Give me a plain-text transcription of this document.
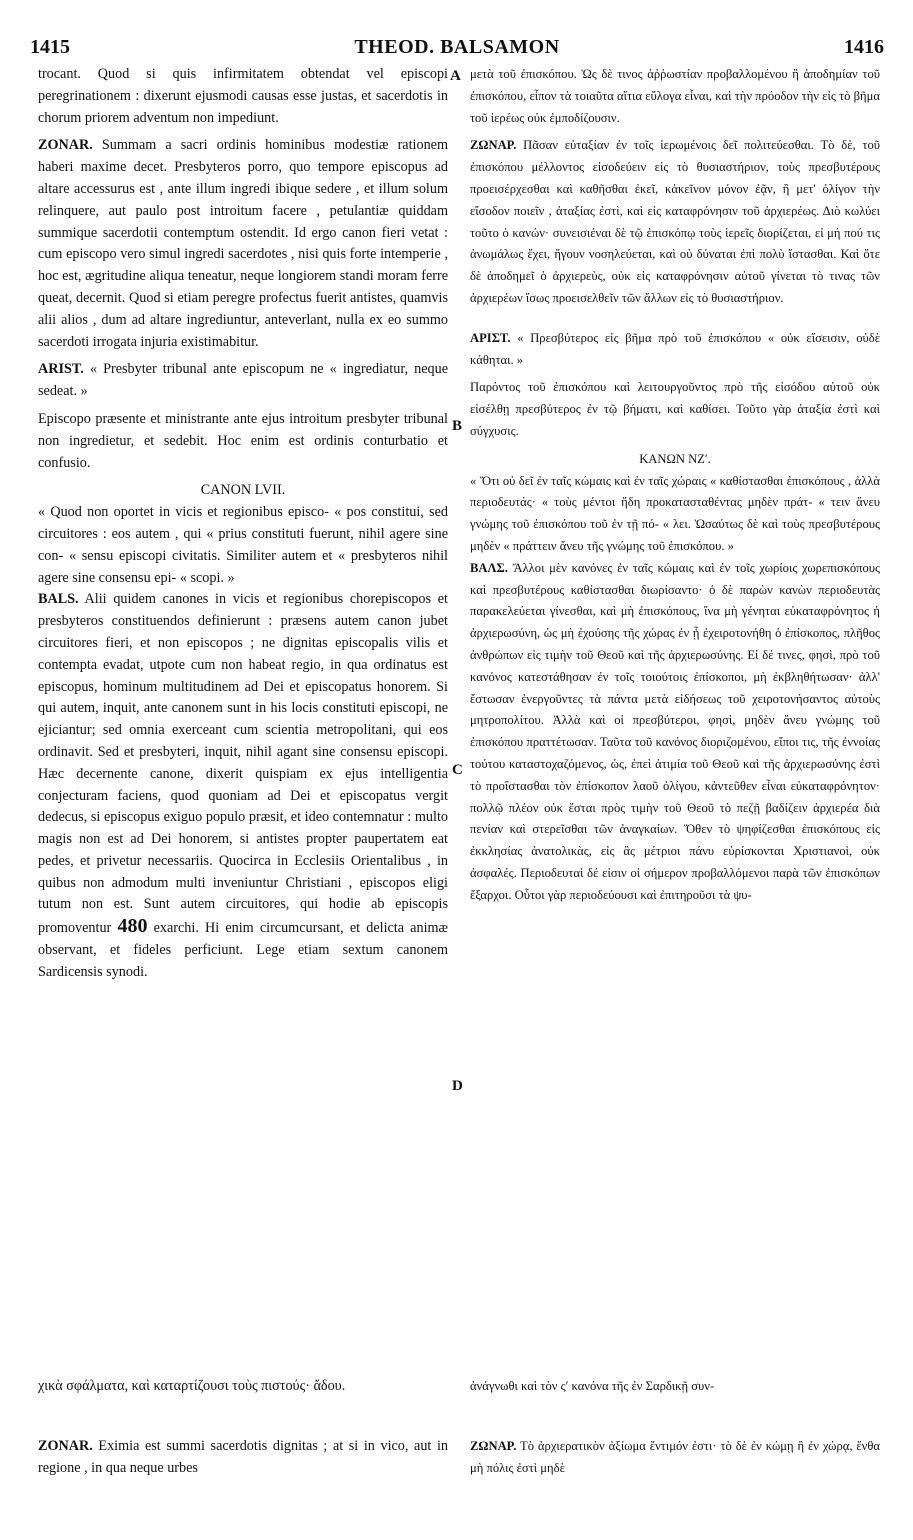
1415	THEOD. BALSAMON	1416
A
B
C
D

trocant. Quod si quis infirmitatem obtendat vel episcopi peregrinationem : dixerunt ejusmodi causas esse justas, et sacerdotis in chorum priorem adventum non impediunt.

ZONAR. Summam a sacri ordinis hominibus modestiæ rationem haberi maxime decet. Presbyteros porro, quo tempore episcopus ad altare accessurus est , ante illum ingredi ibique sedere , et illum solum relinquere, aut paulo post introitum facere , petulantiæ quiddam summique sacerdotii contemptum ostendit. Id ergo canon fieri vetat : cum episcopo vero simul ingredi sacerdotes , nisi quis forte intemperie , hoc est, ægritudine aliqua teneatur, neque longiorem standi moram ferre queat, decernit. Quod si etiam peregre profectus fuerit antistes, quamvis alii alios , dum ad altare ingrediuntur, anteverlant, nulla ex eo summo sacerdoti irrogata injuria existimabitur.

ARIST. « Presbyter tribunal ante episcopum ne « ingrediatur, neque sedeat. »

Episcopo præsente et ministrante ante ejus introitum presbyter tribunal non ingredietur, et sedebit. Hoc enim est ordinis conturbatio et confusio.

CANON LVII.

« Quod non oportet in vicis et regionibus episco- « pos constitui, sed circuitores : eos autem , qui « prius constituti fuerunt, nihil agere sine con- « sensu episcopi civitatis. Similiter autem et « presbyteros nihil agere sine consensu epi- « scopi. »

BALS. Alii quidem canones in vicis et regionibus chorepiscopos et presbyteros constituendos definierunt : præsens autem canon jubet circuitores fieri, et non episcopos ; ne dignitas episcopalis vilis et contempta evadat, utpote cum non habeat regio, in qua ordinatus est episcopus, hominum multitudinem ad Dei et episcopatus honorem. Si qui autem, inquit, ante canonem sunt in his locis constituti episcopi, ne ejiciantur; sed omnia exerceant cum scientia metropolitani, qui eos ordinavit. Sed et presbyteri, inquit, nihil agant sine consensu episcopi. Hæc decernente canone, dixerit quispiam ex ejus intelligentia conjecturam faciens, quod quoniam ad Dei et episcopatus vergit dedecus, si episcopus exiguo populo præsit, et ideo contemnatur : multo magis non est ad Dei honorem, si antistes propter paupertatem eat pedes, et privetur necessariis. Quocirca in Ecclesiis Orientalibus , in quibus non admodum multi inveniuntur Christiani , episcopos eligi tutum non est. Sunt autem circuitores, qui hodie ab episcopis promoventur 480 exarchi. Hi enim circumcursant, et delicta animæ observant, et fideles perficiunt. Lege etiam sextum canonem Sardicensis synodi.

μετὰ τοῦ ἐπισκόπου. Ὡς δὲ τινος ἀῤῥωστίαν προβαλλομένου ἢ ἀποδημίαν τοῦ ἐπισκόπου, εἶπον τὰ τοιαῦτα αἴτια εὔλογα εἶναι, καὶ τὴν πρόοδον τὴν εἰς τὸ βῆμα τοῦ ἱερέως οὐκ ἐμποδίζουσιν.

ΖΩΝΑΡ. Πᾶσαν εὐταξίαν ἐν τοῖς ἱερωμένοις δεῖ πολιτεύεσθαι. Τὸ δὲ, τοῦ ἐπισκόπου μέλλοντος εἰσοδεύειν εἰς τὸ θυσιαστήριον, τοὺς πρεσβυτέρους προεισέρχεσθαι καὶ καθῆσθαι ἐκεῖ, κἀκεῖνον μόνον ἐᾷν, ἢ μετ' ὀλίγον τὴν εἴσοδον ποιεῖν , ἀταξίας ἐστὶ, καὶ εἰς καταφρόνησιν τοῦ ἀρχιερέως. Διὸ κωλύει τοῦτο ὁ κανών· συνεισιέναι δὲ τῷ ἐπισκόπῳ τοὺς ἱερεῖς διορίζεται, εἰ μή πού τις ἀνωμάλως ἔχει, ἤγουν νοσηλεύεται, καὶ οὐ δύναται ἐπὶ πολὺ ἵστασθαι. Καὶ ὅτε δὲ ἀποδημεῖ ὁ ἀρχιερεὺς, οὐκ εἰς καταφρόνησιν αὐτοῦ γίνεται τὸ τινας τῶν ἀρχιερέων ἴσως προεισελθεῖν τῶν ἄλλων εἰς τὸ θυσιαστήριον.

ΑΡΙΣΤ. « Πρεσβύτερος εἰς βῆμα πρὸ τοῦ ἐπισκόπου « οὐκ εἴσεισιν, οὐδὲ κάθηται. »

Παρόντος τοῦ ἐπισκόπου καὶ λειτουργοῦντος πρὸ τῆς εἰσόδου αὐτοῦ οὐκ εἰσέλθῃ πρεσβύτερος ἐν τῷ βήματι, καὶ καθίσει. Τοῦτο γὰρ ἀταξία ἐστὶ καὶ σύγχυσις.

ΚΑΝΩΝ ΝΖʹ.

« Ὅτι οὐ δεῖ ἐν ταῖς κώμαις καὶ ἐν ταῖς χώραις « καθίστασθαι ἐπισκόπους , ἀλλὰ περιοδευτάς· « τοὺς μέντοι ἤδη προκατασταθέντας μηδὲν πράτ- « τειν ἄνευ γνώμης τοῦ ἐπισκόπου τοῦ ἐν τῇ πό- « λει. Ὡσαύτως δὲ καὶ τοὺς πρεσβυτέρους μηδὲν « πράττειν ἄνευ τῆς γνώμης τοῦ ἐπισκόπου. »

ΒΑΛΣ. Ἄλλοι μὲν κανόνες ἐν ταῖς κώμαις καὶ ἐν τοῖς χωρίοις χωρεπισκόπους καὶ πρεσβυτέρους καθίστασθαι διωρίσαντο· ὁ δὲ παρὼν κανὼν περιοδευτὰς παρακελεύεται γίνεσθαι, καὶ μὴ ἐπισκόπους, ἵνα μὴ γένηται εὐκαταφρόνητος ἡ ἀρχιερωσύνη, ὡς μὴ ἐχούσης τῆς χώρας ἐν ᾗ ἐχειροτονήθη ὁ ἐπίσκοπος, πλῆθος ἀνθρώπων εἰς τιμὴν τοῦ Θεοῦ καὶ τῆς ἀρχιερωσύνης. Εἰ δέ τινες, φησὶ, πρὸ τοῦ κανόνος κατεστάθησαν ἐν τοῖς τοιούτοις ἐπίσκοποι, μὴ ἐκβληθήτωσαν· ἀλλ' ἔστωσαν ἐνεργοῦντες τὰ πάντα μετὰ εἰδήσεως τοῦ χειροτονήσαντος αὐτοὺς μητροπολίτου. Ἀλλὰ καὶ οἱ πρεσβύτεροι, φησὶ, μηδὲν ἄνευ γνώμης τοῦ ἐπισκόπου πραττέτωσαν. Ταῦτα τοῦ κανόνος διοριζομένου, εἴποι τις, τῆς ἐννοίας τούτου καταστοχαζόμενος, ὡς, ἐπεὶ ἀτιμία τοῦ Θεοῦ καὶ τῆς ἀρχιερωσύνης ἐστὶ τὸ προΐστασθαι τὸν ἐπίσκοπον λαοῦ ὀλίγου, κἀντεῦθεν εἶναι εὐκαταφρόνητον· πολλῷ πλέον οὐκ ἔσται πρὸς τιμὴν τοῦ Θεοῦ τὸ πεζῇ βαδίζειν ἀρχιερέα διὰ πενίαν καὶ στερεῖσθαι τῶν ἀναγκαίων. Ὅθεν τὸ ψηφίζεσθαι ἐπισκόπους εἰς ἐκκλησίας ἀνατολικὰς, εἰς ἃς μέτριοι πάνυ εὑρίσκονται Χριστιανοὶ, οὐκ ἀσφαλές. Περιοδευταὶ δέ εἰσιν οἱ σήμερον προβαλλόμενοι παρὰ τῶν ἐπισκόπων ἔξαρχοι. Οὗτοι γὰρ περιοδεύουσι καὶ ἐπιτηροῦσι τὰ ψυ-

χικὰ σφάλματα, καὶ καταρτίζουσι τοὺς πιστούς· ἄδου.	ἀνάγνωθι καὶ τὸν ςʹ κανόνα τῆς ἐν Σαρδικῇ συν-
ZONAR. Eximia est summi sacerdotis dignitas ; at si in vico, aut in regione , in qua neque urbes
ΖΩΝΑΡ. Τὸ ἀρχιερατικὸν ἀξίωμα ἔντιμόν ἐστι· τὸ δὲ ἐν κώμῃ ἢ ἐν χώρᾳ, ἔνθα μὴ πόλις ἐστὶ μηδὲ
